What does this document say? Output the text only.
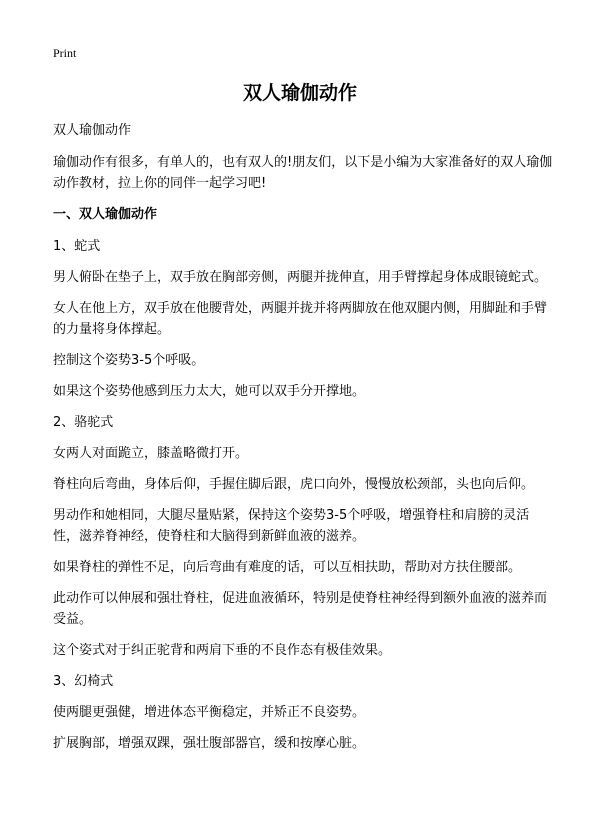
Print
双人瑜伽动作

双人瑜伽动作

瑜伽动作有很多，有单人的，也有双人的!朋友们，以下是小编为大家准备好的双人瑜伽动作教材，拉上你的同伴一起学习吧!

一、双人瑜伽动作

1、蛇式

男人俯卧在垫子上，双手放在胸部旁侧，两腿并拢伸直，用手臂撑起身体成眼镜蛇式。

女人在他上方，双手放在他腰背处，两腿并拢并将两脚放在他双腿内侧，用脚趾和手臂的力量将身体撑起。

控制这个姿势3-5个呼吸。

如果这个姿势他感到压力太大，她可以双手分开撑地。

2、骆驼式

女两人对面跪立，膝盖略微打开。

脊柱向后弯曲，身体后仰，手握住脚后跟，虎口向外，慢慢放松颈部，头也向后仰。

男动作和她相同，大腿尽量贴紧，保持这个姿势3-5个呼吸，增强脊柱和肩膀的灵活性，滋养脊神经，使脊柱和大脑得到新鲜血液的滋养。

如果脊柱的弹性不足，向后弯曲有难度的话，可以互相扶助，帮助对方扶住腰部。

此动作可以伸展和强壮脊柱，促进血液循环，特别是使脊柱神经得到额外血液的滋养而受益。

这个姿式对于纠正驼背和两肩下垂的不良作态有极佳效果。

3、幻椅式

使两腿更强健，增进体态平衡稳定，并矫正不良姿势。

扩展胸部，增强双踝，强壮腹部器官，缓和按摩心脏。
